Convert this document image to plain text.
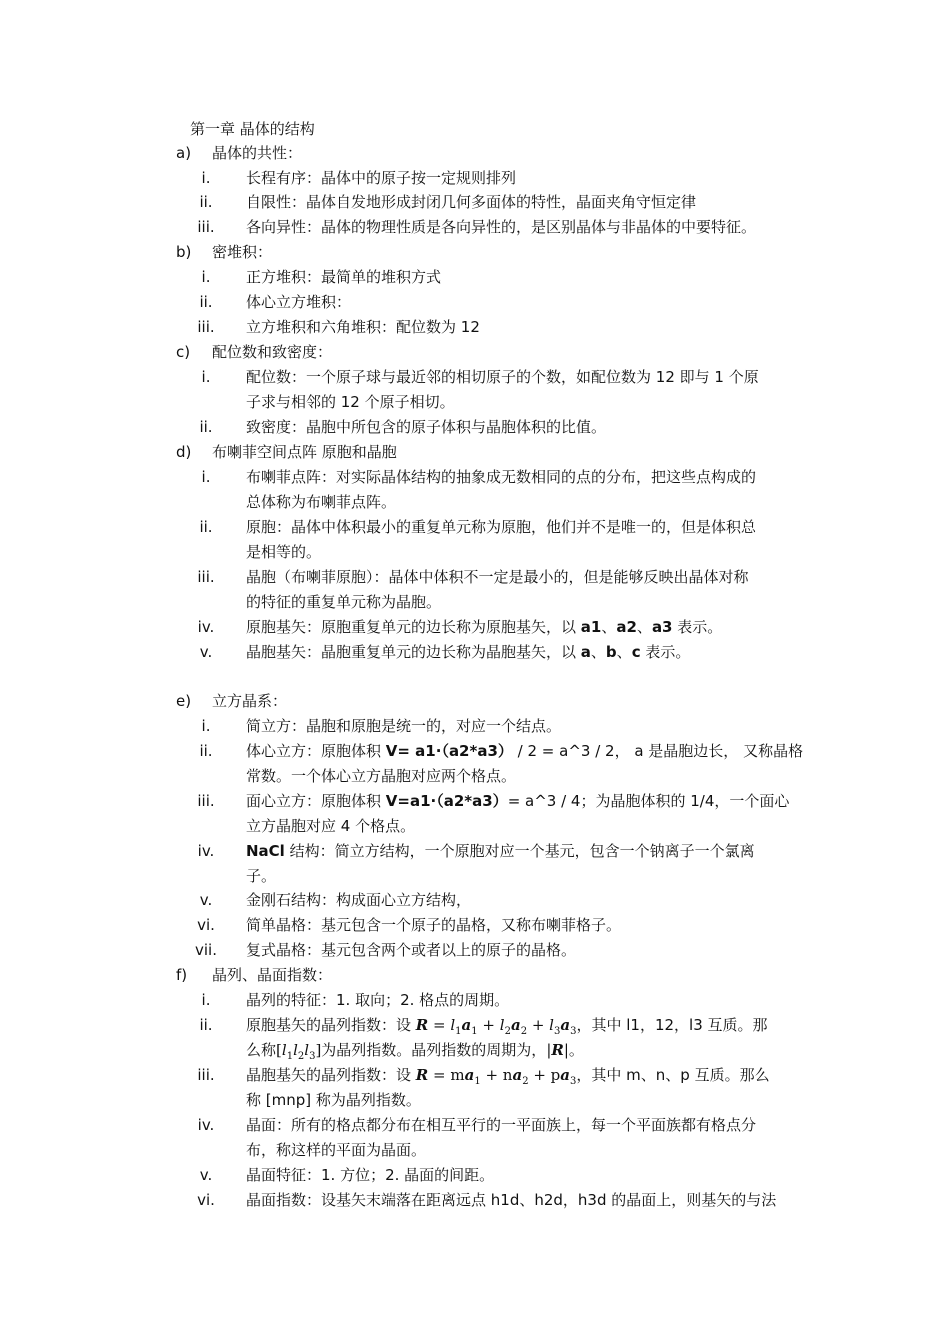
第一章 晶体的结构
a) 晶体的共性：
i.	长程有序：晶体中的原子按一定规则排列
ii.	自限性：晶体自发地形成封闭几何多面体的特性，晶面夹角守恒定律
iii.	各向异性：晶体的物理性质是各向异性的，是区别晶体与非晶体的中要特征。
b) 密堆积：
i.	正方堆积：最简单的堆积方式
ii.	体心立方堆积：
iii.	立方堆积和六角堆积：配位数为 12
c) 配位数和致密度：
i.	配位数：一个原子球与最近邻的相切原子的个数，如配位数为 12 即与 1 个原
子求与相邻的 12 个原子相切。
ii.	致密度：晶胞中所包含的原子体积与晶胞体积的比值。
d) 布喇菲空间点阵 原胞和晶胞
i.	布喇菲点阵：对实际晶体结构的抽象成无数相同的点的分布，把这些点构成的
总体称为布喇菲点阵。
ii.	原胞：晶体中体积最小的重复单元称为原胞，他们并不是唯一的，但是体积总
是相等的。
iii.	晶胞（布喇菲原胞）：晶体中体积不一定是最小的，但是能够反映出晶体对称
的特征的重复单元称为晶胞。
iv.	原胞基矢：原胞重复单元的边长称为原胞基矢，以 a1、a2、a3 表示。
v.	晶胞基矢：晶胞重复单元的边长称为晶胞基矢，以 a、b、c 表示。
e) 立方晶系：
i.	简立方：晶胞和原胞是统一的，对应一个结点。
ii.	体心立方：原胞体积 V= a1·（a2*a3） / 2 = a^3 / 2， a 是晶胞边长， 又称晶格
常数。一个体心立方晶胞对应两个格点。
iii.	面心立方：原胞体积 V=a1·（a2*a3）= a^3 / 4；为晶胞体积的 1/4，一个面心
立方晶胞对应 4 个格点。
iv.	NaCl 结构：简立方结构，一个原胞对应一个基元，包含一个钠离子一个氯离
子。
v.	金刚石结构：构成面心立方结构，
vi.	简单晶格：基元包含一个原子的晶格，又称布喇菲格子。
vii.	复式晶格：基元包含两个或者以上的原子的晶格。
f) 晶列、晶面指数：
i.	晶列的特征：1. 取向；2. 格点的周期。
ii.	原胞基矢的晶列指数：设 $R = l_1a_1 + l_2a_2 + l_3a_3$，其中 l1，12，l3 互质。那
么称$[l_1l_2l_3]$为晶列指数。晶列指数的周期为，|R|。
iii.	晶胞基矢的晶列指数：设 $R = ma_1 + na_2 + pa_3$，其中 m、n、p 互质。那么
称 [mnp] 称为晶列指数。
iv.	晶面：所有的格点都分布在相互平行的一平面族上，每一个平面族都有格点分
布，称这样的平面为晶面。
v.	晶面特征：1. 方位；2. 晶面的间距。
vi.	晶面指数：设基矢末端落在距离远点 h1d、h2d，h3d 的晶面上，则基矢的与法
